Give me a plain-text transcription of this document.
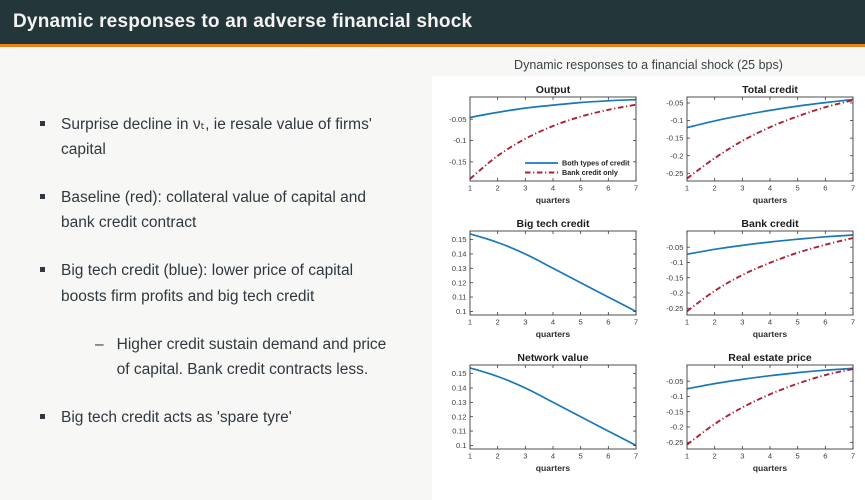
Dynamic responses to an adverse financial shock
Surprise decline in νₜ, ie resale value of firms' capital
Baseline (red): collateral value of capital and bank credit contract
Big tech credit (blue): lower price of capital boosts firm profits and big tech credit
– Higher credit sustain demand and price of capital. Bank credit contracts less.
Big tech credit acts as 'spare tyre'
Dynamic responses to a financial shock (25 bps)
Output
Both types of credit
Bank credit only
1	2	3	4	5	6	7
-0.05
-0.1
-0.15
quarters
Total credit
1	2	3	4	5	6	7
-0.05
-0.1
-0.15
-0.2
-0.25
quarters
Big tech credit
1	2	3	4	5	6	7
0.15
0.14
0.13
0.12
0.11
0.1
quarters
Bank credit
1	2	3	4	5	6	7
-0.05
-0.1
-0.15
-0.2
-0.25
quarters
Network value
1	2	3	4	5	6	7
0.15
0.14
0.13
0.12
0.11
0.1
quarters
Real estate price
1	2	3	4	5	6	7
-0.05
-0.1
-0.15
-0.2
-0.25
quarters
